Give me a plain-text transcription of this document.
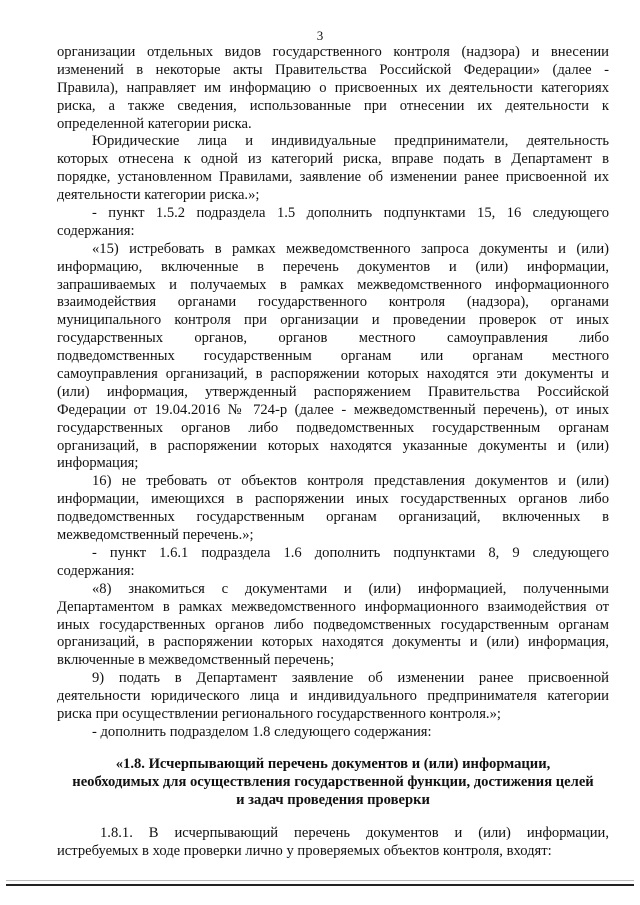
3
организации отдельных видов государственного контроля (надзора) и внесении
изменений в некоторые акты Правительства Российской Федерации» (далее -
Правила), направляет им информацию о присвоенных их деятельности категориях
риска, а также сведения, использованные при отнесении их деятельности к
определенной категории риска.
Юридические лица и индивидуальные предприниматели, деятельность
которых отнесена к одной из категорий риска, вправе подать в Департамент в
порядке, установленном Правилами, заявление об изменении ранее присвоенной их
деятельности категории риска.»;
- пункт 1.5.2 подраздела 1.5 дополнить подпунктами 15, 16 следующего
содержания:
«15) истребовать в рамках межведомственного запроса документы и (или)
информацию, включенные в перечень документов и (или) информации,
запрашиваемых и получаемых в рамках межведомственного информационного
взаимодействия органами государственного контроля (надзора), органами
муниципального контроля при организации и проведении проверок от иных
государственных органов, органов местного самоуправления либо
подведомственных государственным органам или органам местного
самоуправления организаций, в распоряжении которых находятся эти документы и
(или) информация, утвержденный распоряжением Правительства Российской
Федерации от 19.04.2016 № 724-р (далее - межведомственный перечень), от иных
государственных органов либо подведомственных государственным органам
организаций, в распоряжении которых находятся указанные документы и (или)
информация;
16) не требовать от объектов контроля представления документов и (или)
информации, имеющихся в распоряжении иных государственных органов либо
подведомственных государственным органам организаций, включенных в
межведомственный перечень.»;
- пункт 1.6.1 подраздела 1.6 дополнить подпунктами 8, 9 следующего
содержания:
«8) знакомиться с документами и (или) информацией, полученными
Департаментом в рамках межведомственного информационного взаимодействия от
иных государственных органов либо подведомственных государственным органам
организаций, в распоряжении которых находятся документы и (или) информация,
включенные в межведомственный перечень;
9) подать в Департамент заявление об изменении ранее присвоенной
деятельности юридического лица и индивидуального предпринимателя категории
риска при осуществлении регионального государственного контроля.»;
- дополнить подразделом 1.8 следующего содержания:
«1.8. Исчерпывающий перечень документов и (или) информации,
необходимых для осуществления государственной функции, достижения целей
и задач проведения проверки
1.8.1. В исчерпывающий перечень документов и (или) информации,
истребуемых в ходе проверки лично у проверяемых объектов контроля, входят:
